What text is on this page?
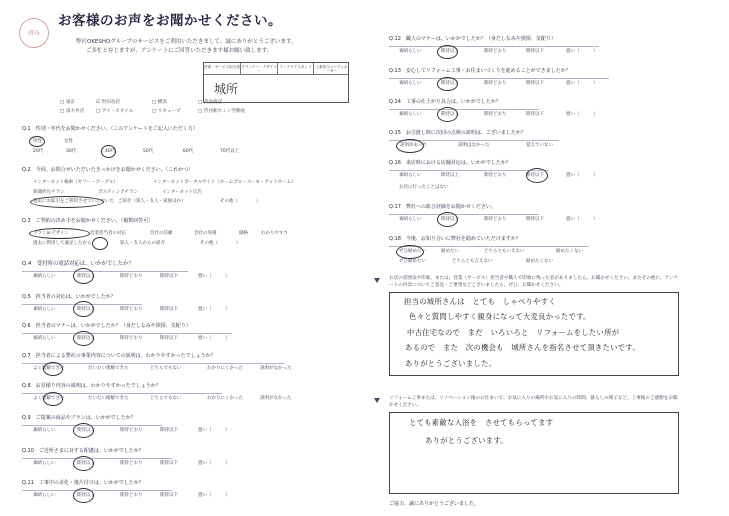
済み
お客様のお声をお聞かせください。
弊社OKESHOグループのサービスをご利用いただきまして、誠にありがとうございます。
ご多忙と存じますが、アンケートにご回答いただきます様お願い致します。
営業・サービス担当者 プランナー・デザイナー
インテリアスタッフ	工事担当コーディネーター
城所
□ 東京	☑ 世田谷店	□ 横浜	□ 渋谷西店
□ 南大井店	□ アイ・スタイル	□ リキュープ	□ 渋谷駅ホミン学動産
Q.1　性別・年代をお聞かせください。（このアンケートをご記入いただく方）
男性	女性
20代	30代	40代	50代	60代	70代以上
Q.2　今回、お問合せいただいたきっかけをお聞かせください。（これかつ）
インターネット検索（ヤフー・グーグル）	インターネットポータルサイト（ホームプロ・スーモ・アットホーム）
新聞折込チラシ	ポスティングチラシ	インターネット広告
過去にお取引をご利用させていただいた ご紹介（知人・友人・家族ほか）	その他（　　　　）
Q.3　ご契約の決め手をお聞かせください。（複数回答可）
プランorデザイン	営業担当者の対応	会社の信頼	会社の実績	価格	わかりやすさ
過去に利用して満足したから	知人・友人からの紹介	その他（　　　　）
Q.4　受付時の電話対応は、いかがでしたか？
素晴らしい	期待以上	期待どおり	期待以下	悪い（　　　）
Q.5　担当者の対応は、いかがでしたか？
素晴らしい	期待以上	期待どおり	期待以下	悪い（　　　）
Q.6　担当者のマナーは、いかがでしたか？（身だしなみや挨拶、気配り）
素晴らしい	期待以上	期待どおり	期待以下	悪い（　　　）
Q.7　担当者による弊社の事業内容についての説明は、わかりやすかったでしょうか？
よく理解できた	だいたい理解できた	どちらでもない	わかりにくかった	説明がなかった
Q.8　お見積り内容の説明は、わかりやすかったでしょうか？
よく理解できた	だいたい理解できた	どちらでもない	わかりにくかった	説明がなかった
Q.9　ご提案の商品やプランは、いかがでしたか？
素晴らしい	期待以上	期待どおり	期待以下	悪い（　　　）
Q.10　ご近所さまに対する配慮は、いかがでしたか？
素晴らしい	期待以上	期待どおり	期待以下	悪い（　　　）
Q.11　工事中の美化・後片付けは、いかがでしたか？
素晴らしい	期待以上	期待どおり	期待以下	悪い（　　　）
Q.12　職人のマナーは、いかがでしたか？（身だしなみや挨拶、気配り）
素晴らしい	期待以上	期待どおり	期待以下	悪い（　　　）
Q.13　安心してリフォーム工事・お住まいづくりを進めることができましたか？
素晴らしい	期待以上	期待どおり	期待以下	悪い（　　　）
Q.14　工事の仕上がり具合は、いかがでしたか？
素晴らしい	期待以上	期待どおり	期待以下	悪い（　　　）
Q.15　お引渡し時に次回の点検の説明は、ございましたか？
説明があった	説明はなかった	覚えていない
Q.16　来店時における店舗対応は、いかがでしたか？
素晴らしい	期待以上	期待どおり	期待以下	悪い（　　　）
お店に行ったことはない
Q.17　弊社への総合評価をお聞かせください。
素晴らしい	期待以上	期待どおり	期待以下	悪い（　　　）
Q.18　今後、お知り合いに弊社を勧めていただけますか？
ぜひ勧めたい	勧めたい	どちらともいえない	勧めたくない
ぜひ勧めたい	どちらとも言えない	勧めたくない
お店の雰囲気や印象、または、営業（サービス）担当者や職人で印象に残った者がありましたら、お聞かせください。またその他に、アンケートの内容についてご意見・ご要望などございましたら、ぜひ、お聞かせください。
担当の城所さんは　とても　しゃべりやすく
色々と質問しやすく親身になって大変良かったです。
中古住宅なので　まだ　いろいろと　リフォームをしたい所が
あるので　また　次の機会も　城所さんを指名させて頂きたいです。
ありがとうございました。
リフォーム工事または、リノベーション後のお住まいで、お気に入りの場所やお気に入りの時間、暮らしの様子など、工事後のご感想をお聞かせください。
とても素敵な入浴を　させてもらってます
ありがとうございます。
ご協力、誠にありがとうございました。
